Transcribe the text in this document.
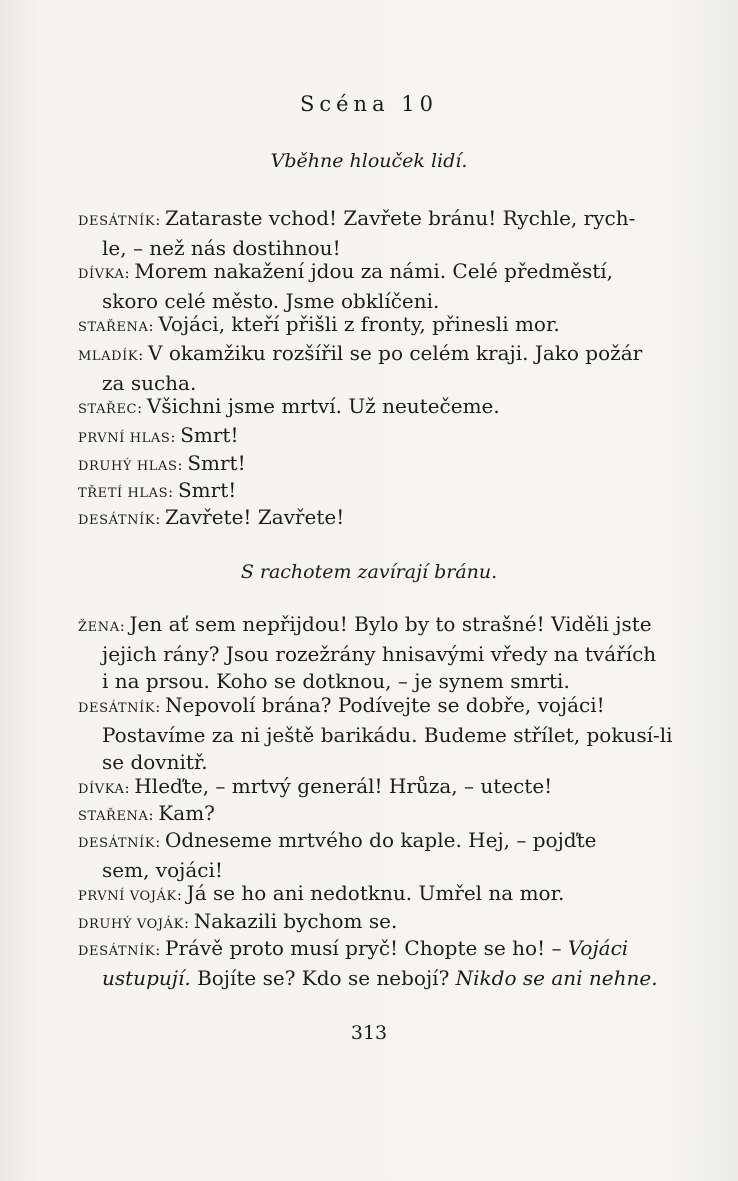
Scéna 10
Vběhne hlouček lidí.
DESÁTNÍK: Zataraste vchod! Zavřete bránu! Rychle, rych-
le, – než nás dostihnou!
DÍVKA: Morem nakažení jdou za námi. Celé předměstí,
skoro celé město. Jsme obklíčeni.
STAŘENA: Vojáci, kteří přišli z fronty, přinesli mor.
MLADÍK: V okamžiku rozšířil se po celém kraji. Jako požár
za sucha.
STAŘEC: Všichni jsme mrtví. Už neutečeme.
PRVNÍ HLAS: Smrt!
DRUHÝ HLAS: Smrt!
TŘETÍ HLAS: Smrt!
DESÁTNÍK: Zavřete! Zavřete!
S rachotem zavírají bránu.
ŽENA: Jen ať sem nepřijdou! Bylo by to strašné! Viděli jste
jejich rány? Jsou rozežrány hnisavými vředy na tvářích
i na prsou. Koho se dotknou, – je synem smrti.
DESÁTNÍK: Nepovolí brána? Podívejte se dobře, vojáci!
Postavíme za ni ještě barikádu. Budeme střílet, pokusí-li
se dovnitř.
DÍVKA: Hleďte, – mrtvý generál! Hrůza, – utecte!
STAŘENA: Kam?
DESÁTNÍK: Odneseme mrtvého do kaple. Hej, – pojďte
sem, vojáci!
PRVNÍ VOJÁK: Já se ho ani nedotknu. Umřel na mor.
DRUHÝ VOJÁK: Nakazili bychom se.
DESÁTNÍK: Právě proto musí pryč! Chopte se ho! – Vojáci
ustupují. Bojíte se? Kdo se nebojí? Nikdo se ani nehne.
313
